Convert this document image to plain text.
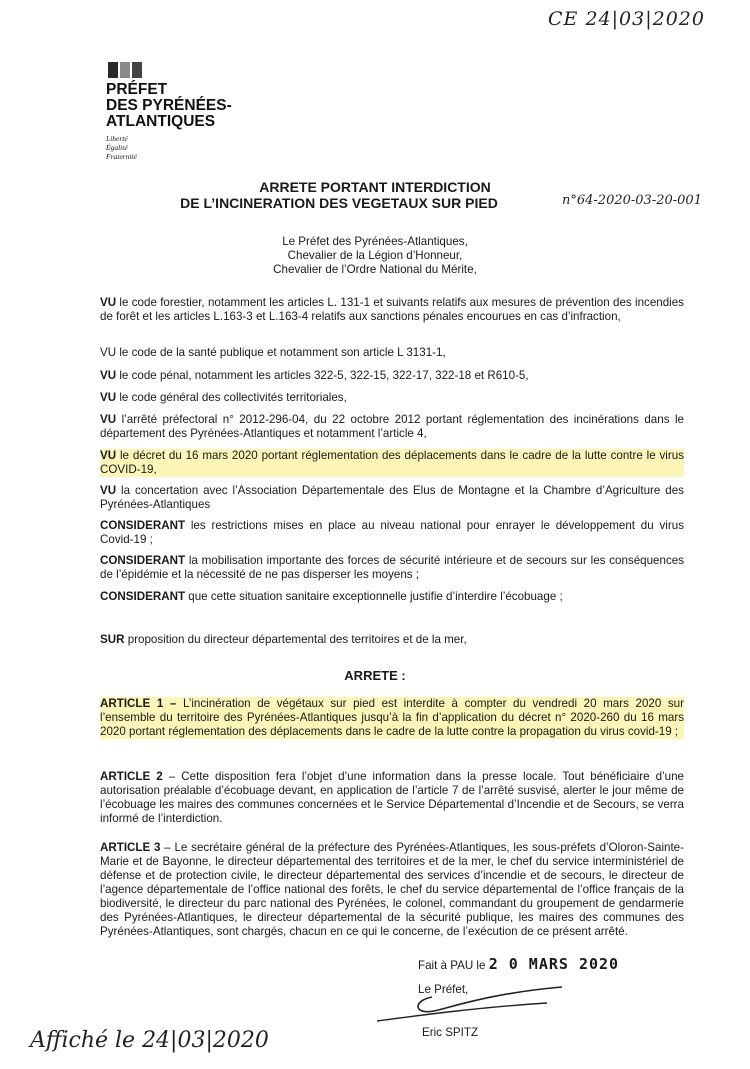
CE 24|03|2020
PRÉFET
DES PYRÉNÉES-
ATLANTIQUES
Liberté
Égalité
Fraternité
ARRETE PORTANT INTERDICTION
DE L’INCINERATION DES VEGETAUX SUR PIED	n°64-2020-03-20-001
Le Préfet des Pyrénées-Atlantiques,
Chevalier de la Légion d’Honneur,
Chevalier de l’Ordre National du Mérite,
VU le code forestier, notamment les articles L. 131-1 et suivants relatifs aux mesures de prévention des incendies de forêt et les articles L.163-3 et L.163-4 relatifs aux sanctions pénales encourues en cas d’infraction,
VU le code de la santé publique et notamment son article L 3131-1,
VU le code pénal, notamment les articles 322-5, 322-15, 322-17, 322-18 et R610-5,
VU le code général des collectivités territoriales,
VU l’arrêté préfectoral n° 2012-296-04, du 22 octobre 2012 portant réglementation des incinérations dans le département des Pyrénées-Atlantiques et notamment l’article 4,
VU le décret du 16 mars 2020 portant réglementation des déplacements dans le cadre de la lutte contre le virus COVID-19,
VU la concertation avec l’Association Départementale des Elus de Montagne et la Chambre d’Agriculture des Pyrénées-Atlantiques
CONSIDERANT les restrictions mises en place au niveau national pour enrayer le développement du virus Covid-19 ;
CONSIDERANT la mobilisation importante des forces de sécurité intérieure et de secours sur les conséquences de l’épidémie et la nécessité de ne pas disperser les moyens ;
CONSIDERANT que cette situation sanitaire exceptionnelle justifie d’interdire l’écobuage ;
SUR proposition du directeur départemental des territoires et de la mer,
ARRETE :
ARTICLE 1 – L’incinération de végétaux sur pied est interdite à compter du vendredi 20 mars 2020 sur l’ensemble du territoire des Pyrénées-Atlantiques jusqu’à la fin d’application du décret n° 2020-260 du 16 mars 2020 portant réglementation des déplacements dans le cadre de la lutte contre la propagation du virus covid-19 ;
ARTICLE 2 – Cette disposition fera l’objet d’une information dans la presse locale. Tout bénéficiaire d’une autorisation préalable d’écobuage devant, en application de l’article 7 de l’arrêté susvisé, alerter le jour même de l’écobuage les maires des communes concernées et le Service Départemental d’Incendie et de Secours, se verra informé de l’interdiction.
ARTICLE 3 – Le secrétaire général de la préfecture des Pyrénées-Atlantiques, les sous-préfets d’Oloron-Sainte-Marie et de Bayonne, le directeur départemental des territoires et de la mer, le chef du service interministériel de défense et de protection civile, le directeur départemental des services d’incendie et de secours, le directeur de l’agence départementale de l’office national des forêts, le chef du service départemental de l’office français de la biodiversité, le directeur du parc national des Pyrénées, le colonel, commandant du groupement de gendarmerie des Pyrénées-Atlantiques, le directeur départemental de la sécurité publique, les maires des communes des Pyrénées-Atlantiques, sont chargés, chacun en ce qui le concerne, de l’exécution de ce présent arrêté.
Fait à PAU le 2 0 MARS 2020
Le Préfet,
Eric SPITZ
Affiché le 24|03|2020
